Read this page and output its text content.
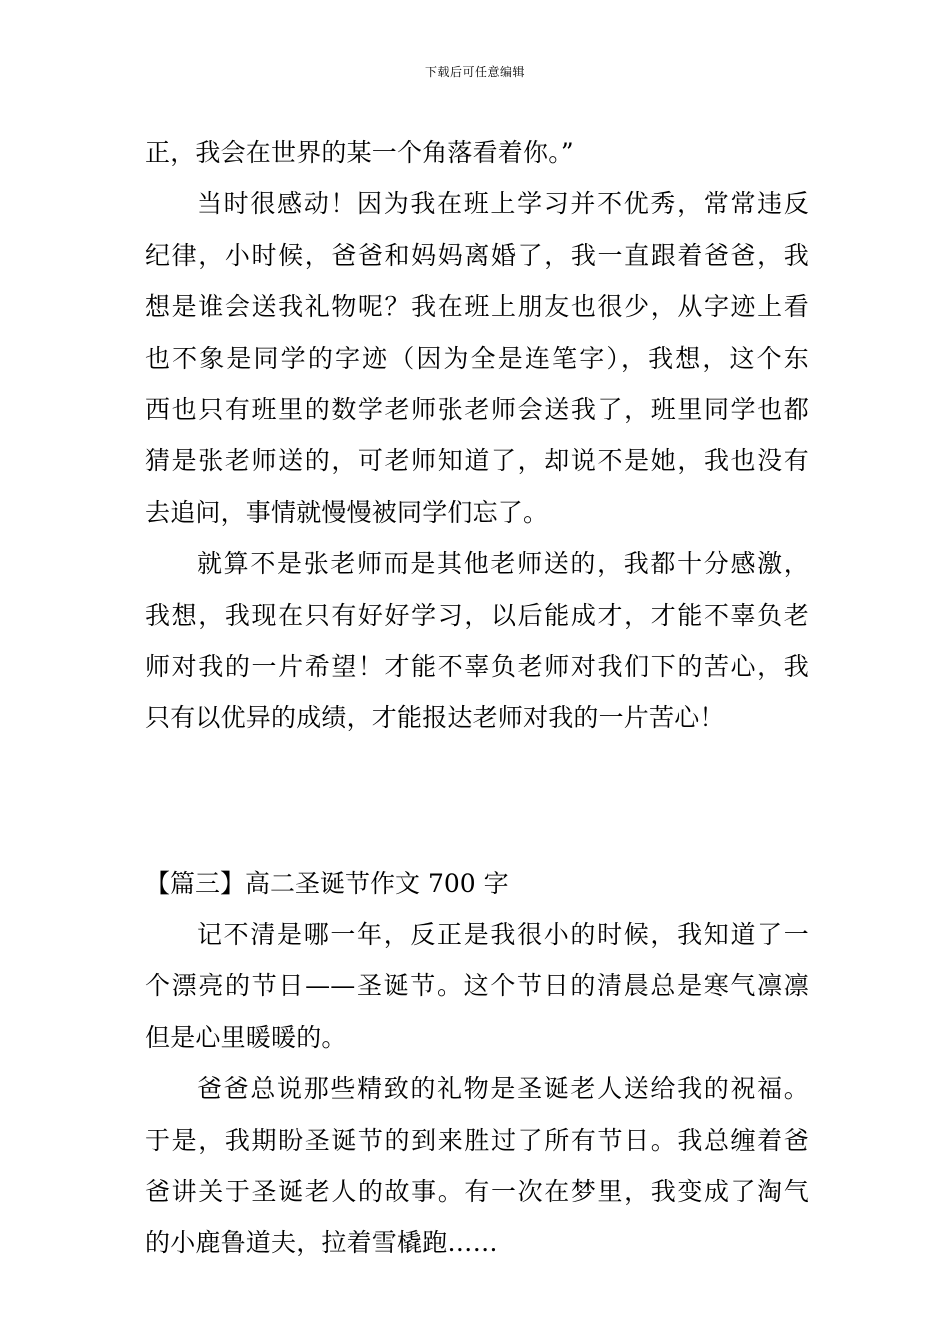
下载后可任意编辑
正，我会在世界的某一个角落看着你。”
当时很感动！因为我在班上学习并不优秀，常常违反
纪律，小时候，爸爸和妈妈离婚了，我一直跟着爸爸，我
想是谁会送我礼物呢？我在班上朋友也很少，从字迹上看
也不象是同学的字迹（因为全是连笔字），我想，这个东
西也只有班里的数学老师张老师会送我了，班里同学也都
猜是张老师送的，可老师知道了，却说不是她，我也没有
去追问，事情就慢慢被同学们忘了。
就算不是张老师而是其他老师送的，我都十分感激，
我想，我现在只有好好学习，以后能成才，才能不辜负老
师对我的一片希望！才能不辜负老师对我们下的苦心，我
只有以优异的成绩，才能报达老师对我的一片苦心！
【篇三】高二圣诞节作文 700 字
记不清是哪一年，反正是我很小的时候，我知道了一
个漂亮的节日——圣诞节。这个节日的清晨总是寒气凛凛
但是心里暖暖的。
爸爸总说那些精致的礼物是圣诞老人送给我的祝福。
于是，我期盼圣诞节的到来胜过了所有节日。我总缠着爸
爸讲关于圣诞老人的故事。有一次在梦里，我变成了淘气
的小鹿鲁道夫，拉着雪橇跑……
